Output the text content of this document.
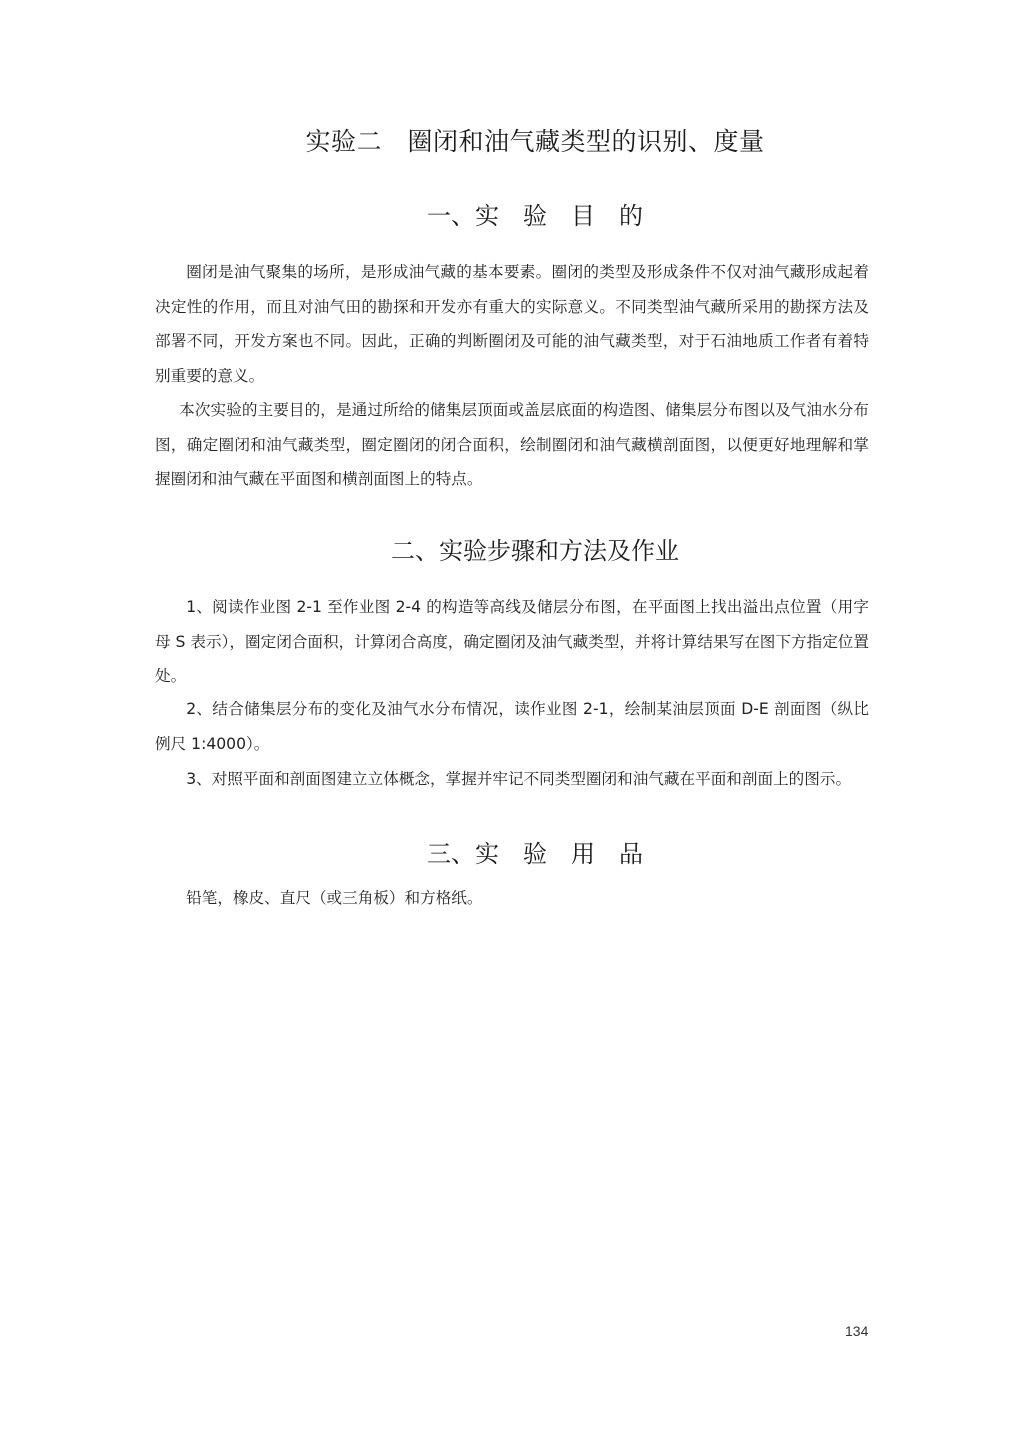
实验二　圈闭和油气藏类型的识别、度量
一、实　验　目　的

圈闭是油气聚集的场所，是形成油气藏的基本要素。圈闭的类型及形成条件不仅对油气藏形成起着决定性的作用，而且对油气田的勘探和开发亦有重大的实际意义。不同类型油气藏所采用的勘探方法及部署不同，开发方案也不同。因此，正确的判断圈闭及可能的油气藏类型，对于石油地质工作者有着特别重要的意义。

本次实验的主要目的，是通过所给的储集层顶面或盖层底面的构造图、储集层分布图以及气油水分布图，确定圈闭和油气藏类型，圈定圈闭的闭合面积，绘制圈闭和油气藏横剖面图，以便更好地理解和掌握圈闭和油气藏在平面图和横剖面图上的特点。

二、实验步骤和方法及作业

1、阅读作业图 2-1 至作业图 2-4 的构造等高线及储层分布图，在平面图上找出溢出点位置（用字母 S 表示），圈定闭合面积，计算闭合高度，确定圈闭及油气藏类型，并将计算结果写在图下方指定位置处。

2、结合储集层分布的变化及油气水分布情况，读作业图 2-1，绘制某油层顶面 D-E 剖面图（纵比例尺 1:4000）。

3、对照平面和剖面图建立立体概念，掌握并牢记不同类型圈闭和油气藏在平面和剖面上的图示。

三、实　验　用　品

铅笔，橡皮、直尺（或三角板）和方格纸。

134
